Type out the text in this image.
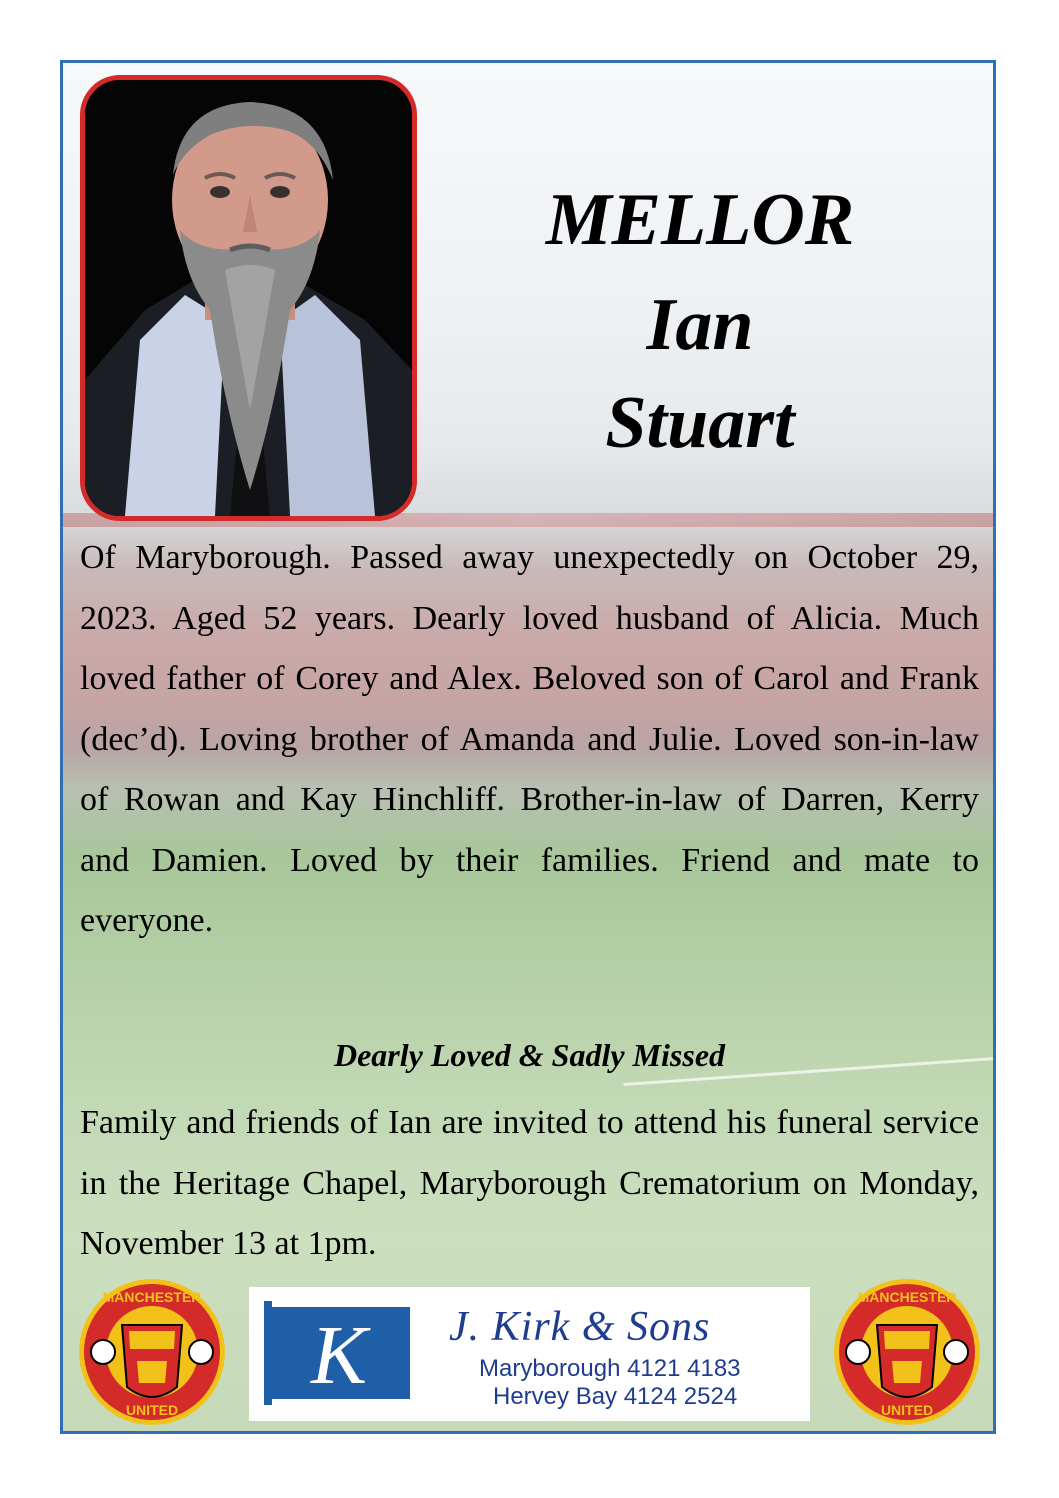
MELLOR
Ian
Stuart
Of Maryborough. Passed away unexpectedly on October 29, 2023. Aged 52 years. Dearly loved husband of Alicia. Much loved father of Corey and Alex. Beloved son of Carol and Frank (dec’d). Loving brother of Amanda and Julie. Loved son-in-law of Rowan and Kay Hinchliff. Brother-in-law of Darren, Kerry and Damien. Loved by their families. Friend and mate to everyone.
Dearly Loved & Sadly Missed
Family and friends of Ian are invited to attend his funeral service in the Heritage Chapel, Maryborough Crematorium on Monday, November 13 at 1pm.
MANCHESTER
UNITED
K J. Kirk & Sons
Maryborough 4121 4183
Hervey Bay 4124 2524
MANCHESTER
UNITED
